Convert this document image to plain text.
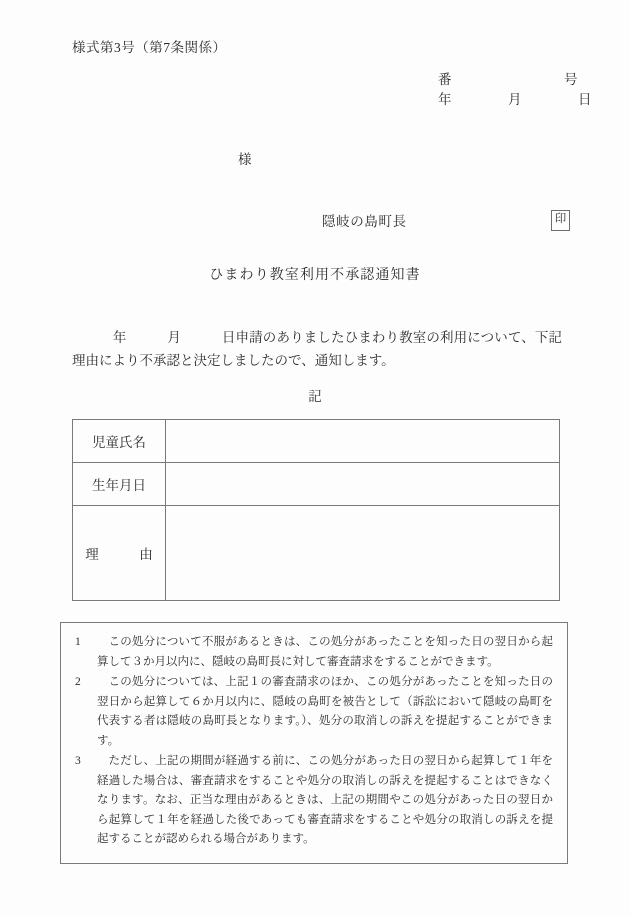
様式第3号（第7条関係）
番　　　　　　　　号
年　　　　月　　　　日
様
隠岐の島町長	印
ひまわり教室利用不承認通知書
　　　年　　　月　　　日申請のありましたひまわり教室の利用について、下記理由により不承認と決定しましたので、通知します。
記
児童氏名	
生年月日	
理　　　由	
1	この処分について不服があるときは、この処分があったことを知った日の翌日から起算して３か月以内に、隠岐の島町長に対して審査請求をすることができます。
2	この処分については、上記１の審査請求のほか、この処分があったことを知った日の翌日から起算して６か月以内に、隠岐の島町を被告として（訴訟において隠岐の島町を代表する者は隠岐の島町長となります。）、処分の取消しの訴えを提起することができます。
3	ただし、上記の期間が経過する前に、この処分があった日の翌日から起算して１年を経過した場合は、審査請求をすることや処分の取消しの訴えを提起することはできなくなります。なお、正当な理由があるときは、上記の期間やこの処分があった日の翌日から起算して１年を経過した後であっても審査請求をすることや処分の取消しの訴えを提起することが認められる場合があります。
